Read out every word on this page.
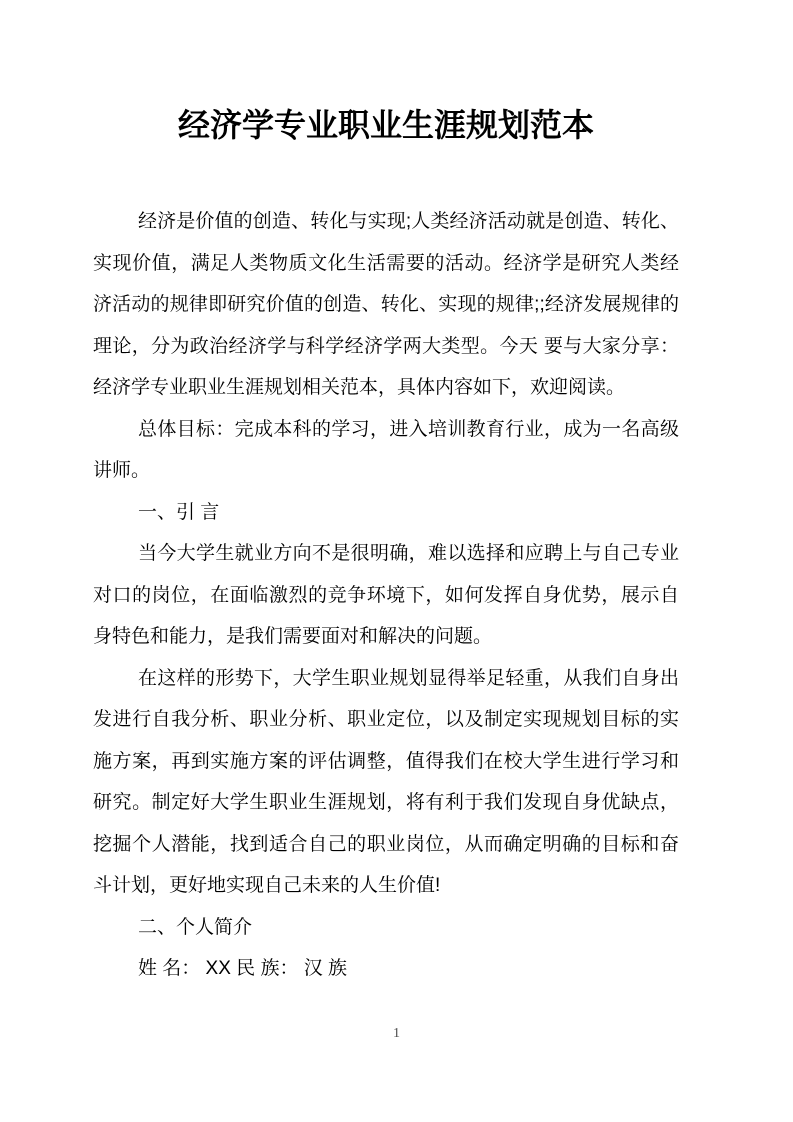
经济学专业职业生涯规划范本

经济是价值的创造、转化与实现;人类经济活动就是创造、转化、实现价值，满足人类物质文化生活需要的活动。经济学是研究人类经济活动的规律即研究价值的创造、转化、实现的规律;;经济发展规律的理论，分为政治经济学与科学经济学两大类型。今天 要与大家分享：经济学专业职业生涯规划相关范本，具体内容如下，欢迎阅读。

总体目标：完成本科的学习，进入培训教育行业，成为一名高级讲师。

一、引 言

当今大学生就业方向不是很明确，难以选择和应聘上与自己专业对口的岗位，在面临激烈的竞争环境下，如何发挥自身优势，展示自身特色和能力，是我们需要面对和解决的问题。

在这样的形势下，大学生职业规划显得举足轻重，从我们自身出发进行自我分析、职业分析、职业定位，以及制定实现规划目标的实施方案，再到实施方案的评估调整，值得我们在校大学生进行学习和研究。制定好大学生职业生涯规划，将有利于我们发现自身优缺点，挖掘个人潜能，找到适合自己的职业岗位，从而确定明确的目标和奋斗计划，更好地实现自己未来的人生价值!

二、个人简介

姓 名： XX 民 族： 汉 族

1
